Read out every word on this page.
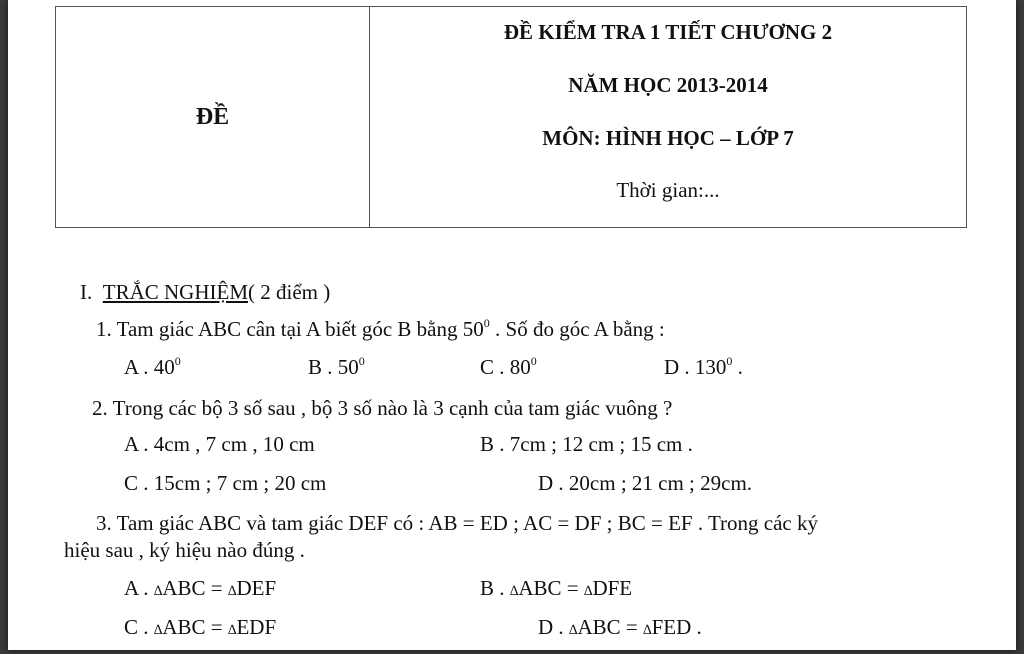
ĐỀ
ĐỀ KIỂM TRA 1 TIẾT CHƯƠNG 2
NĂM HỌC 2013-2014
MÔN: HÌNH HỌC – LỚP 7
Thời gian:...
I. TRẮC NGHIỆM( 2 điểm )
1. Tam giác ABC cân tại A biết góc B bằng $50^0$ . Số đo góc A bằng :
A . $40^0$	B . $50^0$	C . $80^0$	D . $130^0$ .
2. Trong các bộ 3 số sau , bộ 3 số nào là 3 cạnh của tam giác vuông ?
A . 4cm , 7 cm , 10 cm	B . 7cm ; 12 cm ; 15 cm .
C . 15cm ; 7 cm ; 20 cm	D . 20cm ; 21 cm ; 29cm.
3. Tam giác ABC và tam giác DEF có : AB = ED ; AC = DF ; BC = EF . Trong các ký
hiệu sau , ký hiệu nào đúng .
A . ∆ABC = ∆DEF	B . ∆ABC = ∆DFE
C . ∆ABC = ∆EDF	D . ∆ABC = ∆FED .
